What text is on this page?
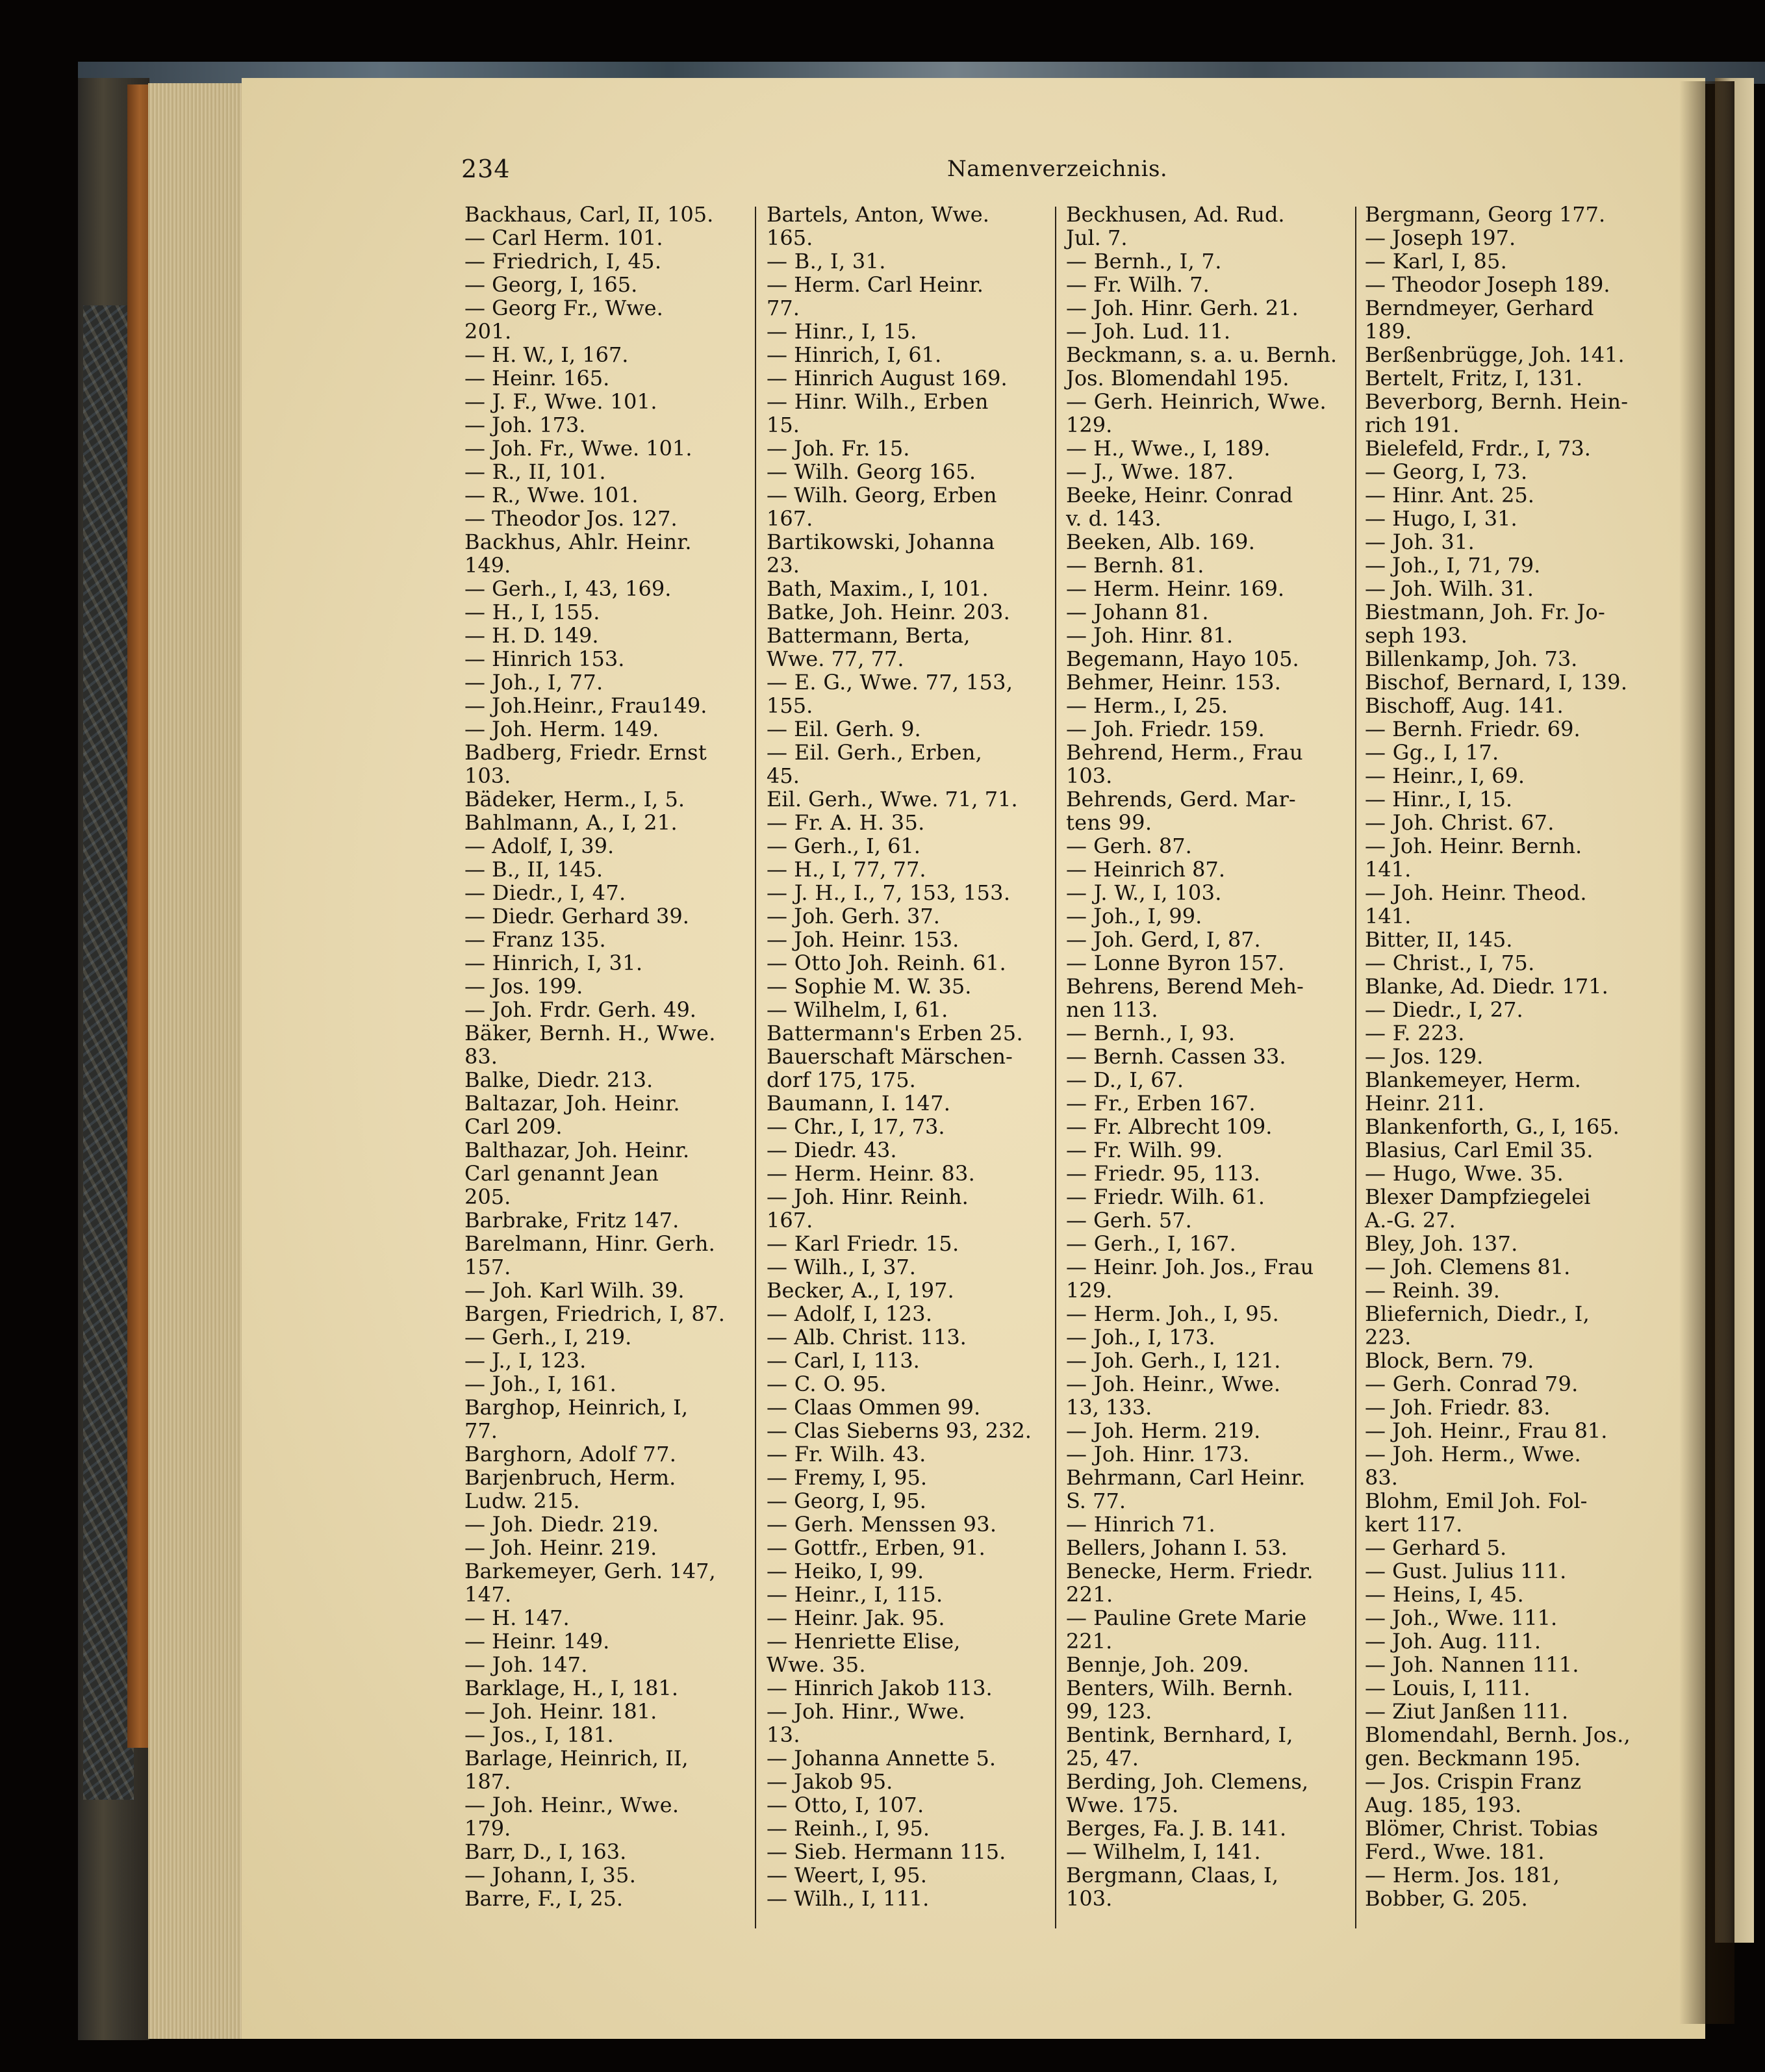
234	Namenverzeichnis.
Backhaus, Carl, II, 105.
— Carl Herm. 101.
— Friedrich, I, 45.
— Georg, I, 165.
— Georg Fr., Wwe.
201.
— H. W., I, 167.
— Heinr. 165.
— J. F., Wwe. 101.
— Joh. 173.
— Joh. Fr., Wwe. 101.
— R., II, 101.
— R., Wwe. 101.
— Theodor Jos. 127.
Backhus, Ahlr. Heinr.
149.
— Gerh., I, 43, 169.
— H., I, 155.
— H. D. 149.
— Hinrich 153.
— Joh., I, 77.
— Joh.Heinr., Frau149.
— Joh. Herm. 149.
Badberg, Friedr. Ernst
103.
Bädeker, Herm., I, 5.
Bahlmann, A., I, 21.
— Adolf, I, 39.
— B., II, 145.
— Diedr., I, 47.
— Diedr. Gerhard 39.
— Franz 135.
— Hinrich, I, 31.
— Jos. 199.
— Joh. Frdr. Gerh. 49.
Bäker, Bernh. H., Wwe.
83.
Balke, Diedr. 213.
Baltazar, Joh. Heinr.
Carl 209.
Balthazar, Joh. Heinr.
Carl genannt Jean
205.
Barbrake, Fritz 147.
Barelmann, Hinr. Gerh.
157.
— Joh. Karl Wilh. 39.
Bargen, Friedrich, I, 87.
— Gerh., I, 219.
— J., I, 123.
— Joh., I, 161.
Barghop, Heinrich, I,
77.
Barghorn, Adolf 77.
Barjenbruch, Herm.
Ludw. 215.
— Joh. Diedr. 219.
— Joh. Heinr. 219.
Barkemeyer, Gerh. 147,
147.
— H. 147.
— Heinr. 149.
— Joh. 147.
Barklage, H., I, 181.
— Joh. Heinr. 181.
— Jos., I, 181.
Barlage, Heinrich, II,
187.
— Joh. Heinr., Wwe.
179.
Barr, D., I, 163.
— Johann, I, 35.
Barre, F., I, 25.
Bartels, Anton, Wwe.
165.
— B., I, 31.
— Herm. Carl Heinr.
77.
— Hinr., I, 15.
— Hinrich, I, 61.
— Hinrich August 169.
— Hinr. Wilh., Erben
15.
— Joh. Fr. 15.
— Wilh. Georg 165.
— Wilh. Georg, Erben
167.
Bartikowski, Johanna
23.
Bath, Maxim., I, 101.
Batke, Joh. Heinr. 203.
Battermann, Berta,
Wwe. 77, 77.
— E. G., Wwe. 77, 153,
155.
— Eil. Gerh. 9.
— Eil. Gerh., Erben,
45.
Eil. Gerh., Wwe. 71, 71.
— Fr. A. H. 35.
— Gerh., I, 61.
— H., I, 77, 77.
— J. H., I., 7, 153, 153.
— Joh. Gerh. 37.
— Joh. Heinr. 153.
— Otto Joh. Reinh. 61.
— Sophie M. W. 35.
— Wilhelm, I, 61.
Battermann's Erben 25.
Bauerschaft Märschen-
dorf 175, 175.
Baumann, I. 147.
— Chr., I, 17, 73.
— Diedr. 43.
— Herm. Heinr. 83.
— Joh. Hinr. Reinh.
167.
— Karl Friedr. 15.
— Wilh., I, 37.
Becker, A., I, 197.
— Adolf, I, 123.
— Alb. Christ. 113.
— Carl, I, 113.
— C. O. 95.
— Claas Ommen 99.
— Clas Sieberns 93, 232.
— Fr. Wilh. 43.
— Fremy, I, 95.
— Georg, I, 95.
— Gerh. Menssen 93.
— Gottfr., Erben, 91.
— Heiko, I, 99.
— Heinr., I, 115.
— Heinr. Jak. 95.
— Henriette Elise,
Wwe. 35.
— Hinrich Jakob 113.
— Joh. Hinr., Wwe.
13.
— Johanna Annette 5.
— Jakob 95.
— Otto, I, 107.
— Reinh., I, 95.
— Sieb. Hermann 115.
— Weert, I, 95.
— Wilh., I, 111.
Beckhusen, Ad. Rud.
Jul. 7.
— Bernh., I, 7.
— Fr. Wilh. 7.
— Joh. Hinr. Gerh. 21.
— Joh. Lud. 11.
Beckmann, s. a. u. Bernh.
Jos. Blomendahl 195.
— Gerh. Heinrich, Wwe.
129.
— H., Wwe., I, 189.
— J., Wwe. 187.
Beeke, Heinr. Conrad
v. d. 143.
Beeken, Alb. 169.
— Bernh. 81.
— Herm. Heinr. 169.
— Johann 81.
— Joh. Hinr. 81.
Begemann, Hayo 105.
Behmer, Heinr. 153.
— Herm., I, 25.
— Joh. Friedr. 159.
Behrend, Herm., Frau
103.
Behrends, Gerd. Mar-
tens 99.
— Gerh. 87.
— Heinrich 87.
— J. W., I, 103.
— Joh., I, 99.
— Joh. Gerd, I, 87.
— Lonne Byron 157.
Behrens, Berend Meh-
nen 113.
— Bernh., I, 93.
— Bernh. Cassen 33.
— D., I, 67.
— Fr., Erben 167.
— Fr. Albrecht 109.
— Fr. Wilh. 99.
— Friedr. 95, 113.
— Friedr. Wilh. 61.
— Gerh. 57.
— Gerh., I, 167.
— Heinr. Joh. Jos., Frau
129.
— Herm. Joh., I, 95.
— Joh., I, 173.
— Joh. Gerh., I, 121.
— Joh. Heinr., Wwe.
13, 133.
— Joh. Herm. 219.
— Joh. Hinr. 173.
Behrmann, Carl Heinr.
S. 77.
— Hinrich 71.
Bellers, Johann I. 53.
Benecke, Herm. Friedr.
221.
— Pauline Grete Marie
221.
Bennje, Joh. 209.
Benters, Wilh. Bernh.
99, 123.
Bentink, Bernhard, I,
25, 47.
Berding, Joh. Clemens,
Wwe. 175.
Berges, Fa. J. B. 141.
— Wilhelm, I, 141.
Bergmann, Claas, I,
103.
Bergmann, Georg 177.
— Joseph 197.
— Karl, I, 85.
— Theodor Joseph 189.
Berndmeyer, Gerhard
189.
Berßenbrügge, Joh. 141.
Bertelt, Fritz, I, 131.
Beverborg, Bernh. Hein-
rich 191.
Bielefeld, Frdr., I, 73.
— Georg, I, 73.
— Hinr. Ant. 25.
— Hugo, I, 31.
— Joh. 31.
— Joh., I, 71, 79.
— Joh. Wilh. 31.
Biestmann, Joh. Fr. Jo-
seph 193.
Billenkamp, Joh. 73.
Bischof, Bernard, I, 139.
Bischoff, Aug. 141.
— Bernh. Friedr. 69.
— Gg., I, 17.
— Heinr., I, 69.
— Hinr., I, 15.
— Joh. Christ. 67.
— Joh. Heinr. Bernh.
141.
— Joh. Heinr. Theod.
141.
Bitter, II, 145.
— Christ., I, 75.
Blanke, Ad. Diedr. 171.
— Diedr., I, 27.
— F. 223.
— Jos. 129.
Blankemeyer, Herm.
Heinr. 211.
Blankenforth, G., I, 165.
Blasius, Carl Emil 35.
— Hugo, Wwe. 35.
Blexer Dampfziegelei
A.-G. 27.
Bley, Joh. 137.
— Joh. Clemens 81.
— Reinh. 39.
Bliefernich, Diedr., I,
223.
Block, Bern. 79.
— Gerh. Conrad 79.
— Joh. Friedr. 83.
— Joh. Heinr., Frau 81.
— Joh. Herm., Wwe.
83.
Blohm, Emil Joh. Fol-
kert 117.
— Gerhard 5.
— Gust. Julius 111.
— Heins, I, 45.
— Joh., Wwe. 111.
— Joh. Aug. 111.
— Joh. Nannen 111.
— Louis, I, 111.
— Ziut Janßen 111.
Blomendahl, Bernh. Jos.,
gen. Beckmann 195.
— Jos. Crispin Franz
Aug. 185, 193.
Blömer, Christ. Tobias
Ferd., Wwe. 181.
— Herm. Jos. 181,
Bobber, G. 205.
